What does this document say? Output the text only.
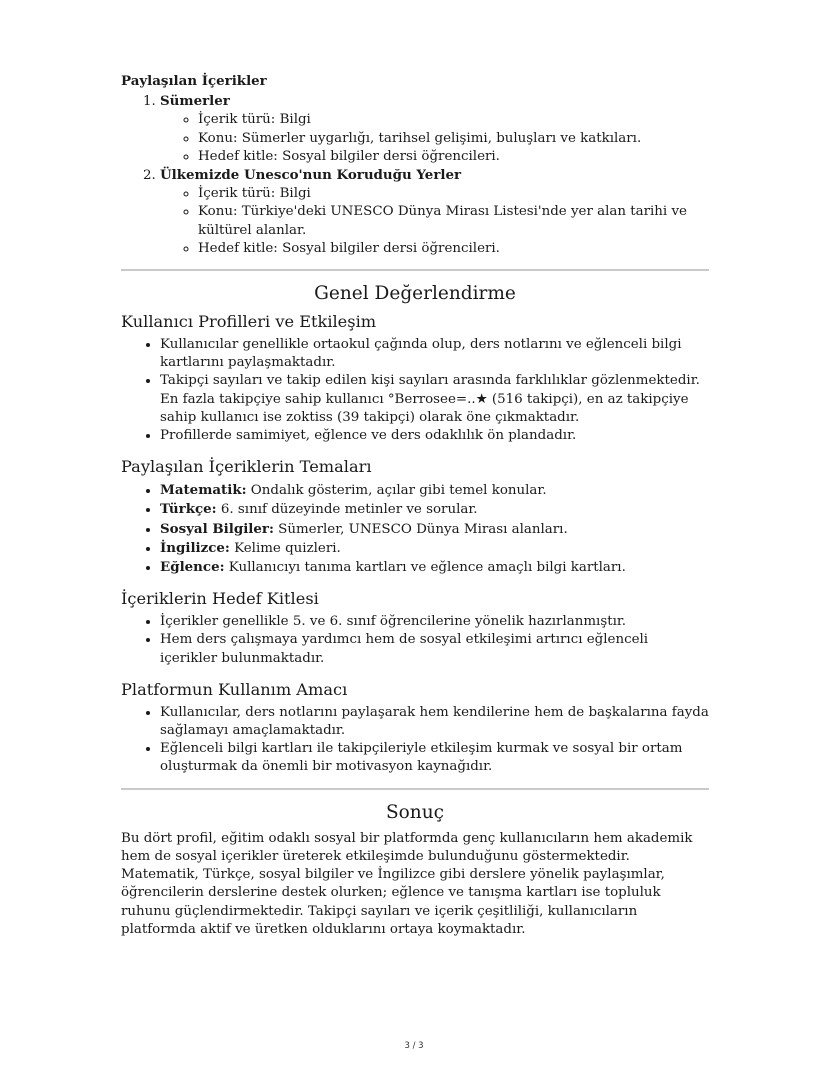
Paylaşılan İçerikler

1. Sümerler
◦ İçerik türü: Bilgi
◦ Konu: Sümerler uygarlığı, tarihsel gelişimi, buluşları ve katkıları.
◦ Hedef kitle: Sosyal bilgiler dersi öğrencileri.
2. Ülkemizde Unesco'nun Koruduğu Yerler
◦ İçerik türü: Bilgi
◦ Konu: Türkiye'deki UNESCO Dünya Mirası Listesi'nde yer alan tarihi ve kültürel alanlar.
◦ Hedef kitle: Sosyal bilgiler dersi öğrencileri.
Genel Değerlendirme
Kullanıcı Profilleri ve Etkileşim
• Kullanıcılar genellikle ortaokul çağında olup, ders notlarını ve eğlenceli bilgi kartlarını paylaşmaktadır.
• Takipçi sayıları ve takip edilen kişi sayıları arasında farklılıklar gözlenmektedir. En fazla takipçiye sahip kullanıcı °Berrosee=..★ (516 takipçi), en az takipçiye sahip kullanıcı ise zoktiss (39 takipçi) olarak öne çıkmaktadır.
• Profillerde samimiyet, eğlence ve ders odaklılık ön plandadır.
Paylaşılan İçeriklerin Temaları
• Matematik: Ondalık gösterim, açılar gibi temel konular.
• Türkçe: 6. sınıf düzeyinde metinler ve sorular.
• Sosyal Bilgiler: Sümerler, UNESCO Dünya Mirası alanları.
• İngilizce: Kelime quizleri.
• Eğlence: Kullanıcıyı tanıma kartları ve eğlence amaçlı bilgi kartları.
İçeriklerin Hedef Kitlesi
• İçerikler genellikle 5. ve 6. sınıf öğrencilerine yönelik hazırlanmıştır.
• Hem ders çalışmaya yardımcı hem de sosyal etkileşimi artırıcı eğlenceli içerikler bulunmaktadır.
Platformun Kullanım Amacı
• Kullanıcılar, ders notlarını paylaşarak hem kendilerine hem de başkalarına fayda sağlamayı amaçlamaktadır.
• Eğlenceli bilgi kartları ile takipçileriyle etkileşim kurmak ve sosyal bir ortam oluşturmak da önemli bir motivasyon kaynağıdır.
Sonuç

Bu dört profil, eğitim odaklı sosyal bir platformda genç kullanıcıların hem akademik hem de sosyal içerikler üreterek etkileşimde bulunduğunu göstermektedir. Matematik, Türkçe, sosyal bilgiler ve İngilizce gibi derslere yönelik paylaşımlar, öğrencilerin derslerine destek olurken; eğlence ve tanışma kartları ise topluluk ruhunu güçlendirmektedir. Takipçi sayıları ve içerik çeşitliliği, kullanıcıların platformda aktif ve üretken olduklarını ortaya koymaktadır.

3 / 3
